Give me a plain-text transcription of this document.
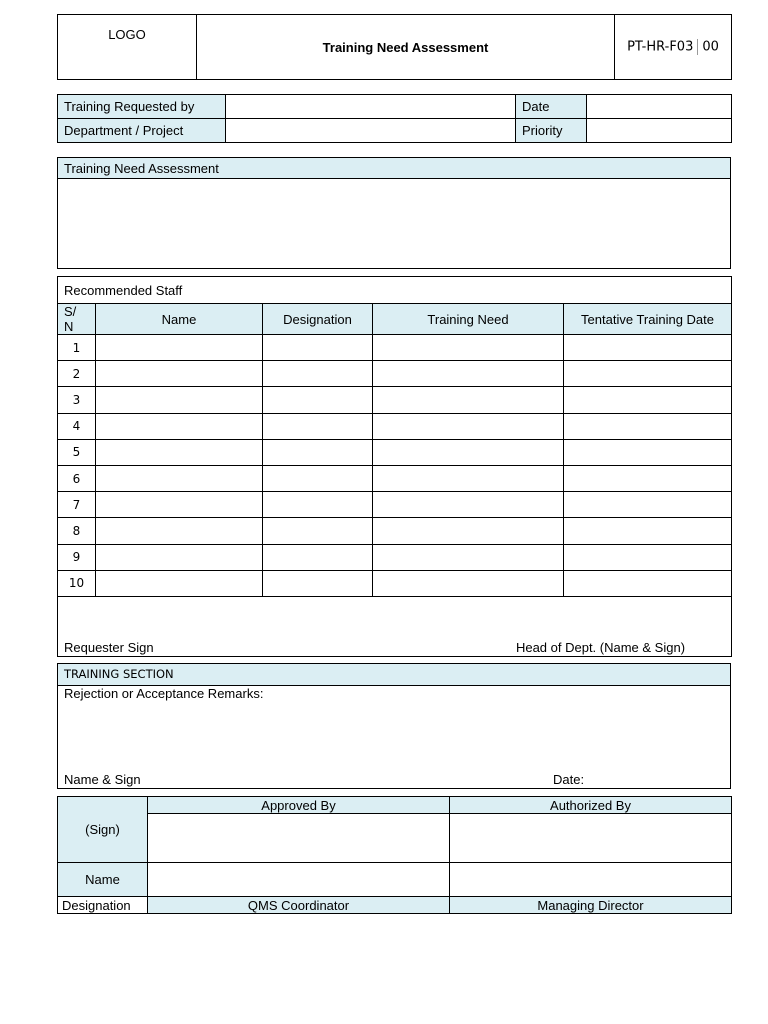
LOGO	Training Need Assessment	PT-HR-F03 00
Training Requested by		Date	
Department / Project		Priority	
Training Need Assessment

Recommended Staff				
S/ N	Name	Designation	Training Need	Tentative Training Date
1				
2				
3				
4				
5				
6				
7				
8				
9				
10				

Requester Sign Head of Dept. (Name & Sign)				
TRAINING SECTION
Rejection or Acceptance Remarks:
Name & Sign	Date:
(Sign)	Approved By	Authorized By

Name		
Designation	QMS Coordinator	Managing Director
